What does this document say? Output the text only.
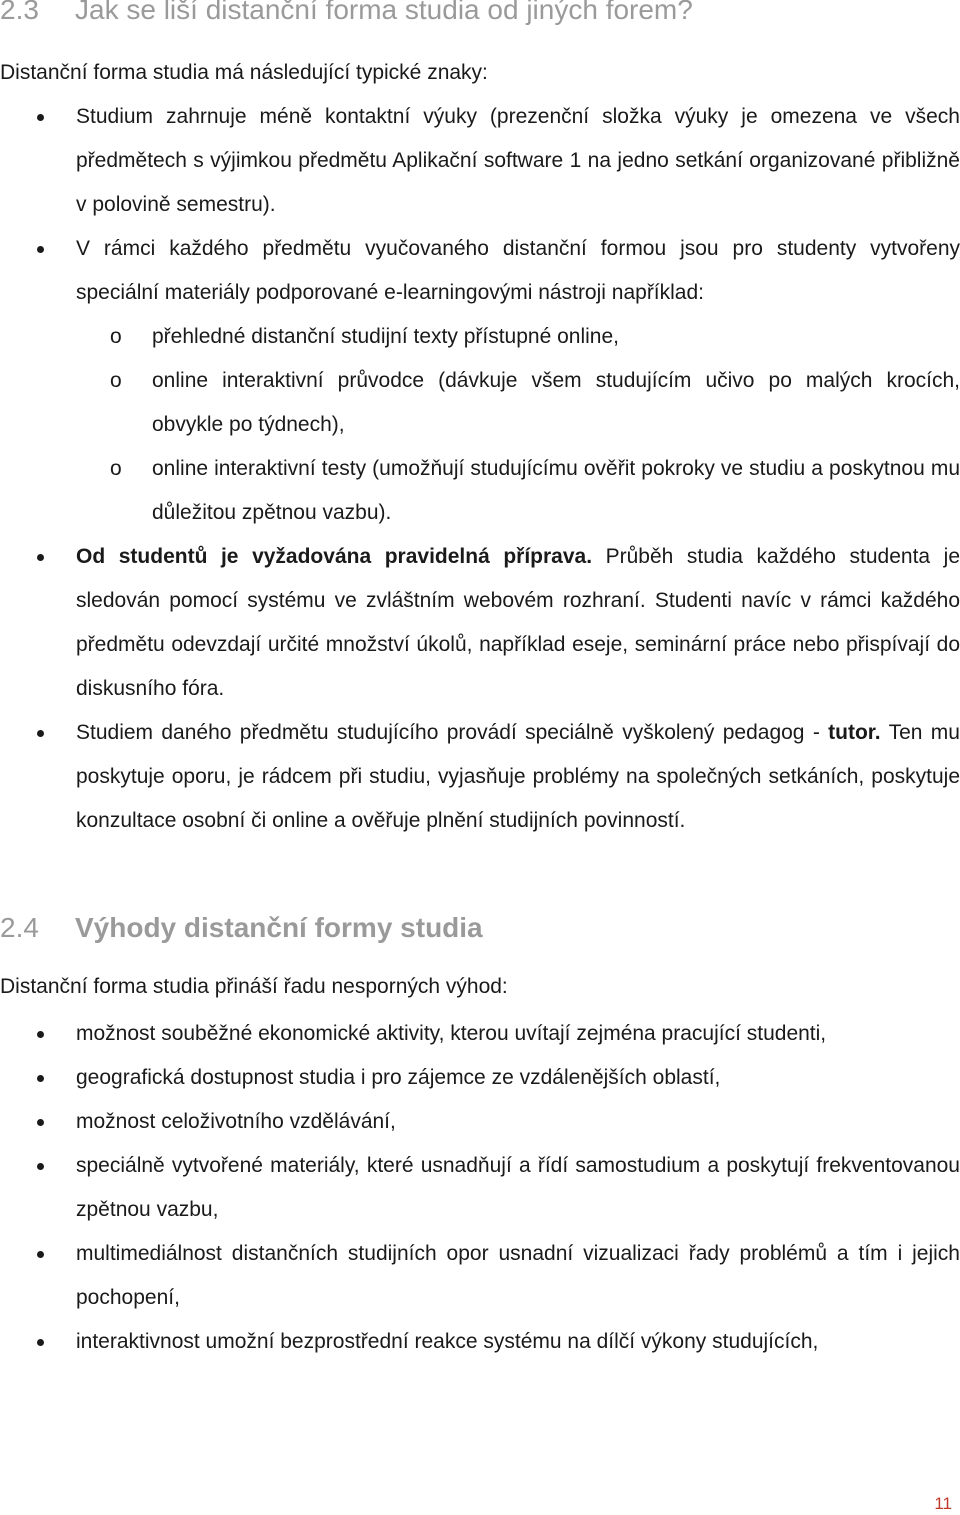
2.3 Jak se liší distanční forma studia od jiných forem?

Distanční forma studia má následující typické znaky:

Studium zahrnuje méně kontaktní výuky (prezenční složka výuky je omezena ve všech předmětech s výjimkou předmětu Aplikační software 1 na jedno setkání organizované přibližně v polovině semestru).
V rámci každého předmětu vyučovaného distanční formou jsou pro studenty vytvořeny speciální materiály podporované e-learningovými nástroji například:
o přehledné distanční studijní texty přístupné online,
o online interaktivní průvodce (dávkuje všem studujícím učivo po malých krocích, obvykle po týdnech),
o online interaktivní testy (umožňují studujícímu ověřit pokroky ve studiu a poskytnou mu důležitou zpětnou vazbu).
Od studentů je vyžadována pravidelná příprava. Průběh studia každého studenta je sledován pomocí systému ve zvláštním webovém rozhraní. Studenti navíc v rámci každého předmětu odevzdají určité množství úkolů, například eseje, seminární práce nebo přispívají do diskusního fóra.
Studiem daného předmětu studujícího provádí speciálně vyškolený pedagog - tutor. Ten mu poskytuje oporu, je rádcem při studiu, vyjasňuje problémy na společných setkáních, poskytuje konzultace osobní či online a ověřuje plnění studijních povinností.
2.4 Výhody distanční formy studia

Distanční forma studia přináší řadu nesporných výhod:

možnost souběžné ekonomické aktivity, kterou uvítají zejména pracující studenti,
geografická dostupnost studia i pro zájemce ze vzdálenějších oblastí,
možnost celoživotního vzdělávání,
speciálně vytvořené materiály, které usnadňují a řídí samostudium a poskytují frekventovanou zpětnou vazbu,
multimediálnost distančních studijních opor usnadní vizualizaci řady problémů a tím i jejich pochopení,
interaktivnost umožní bezprostřední reakce systému na dílčí výkony studujících,
11
